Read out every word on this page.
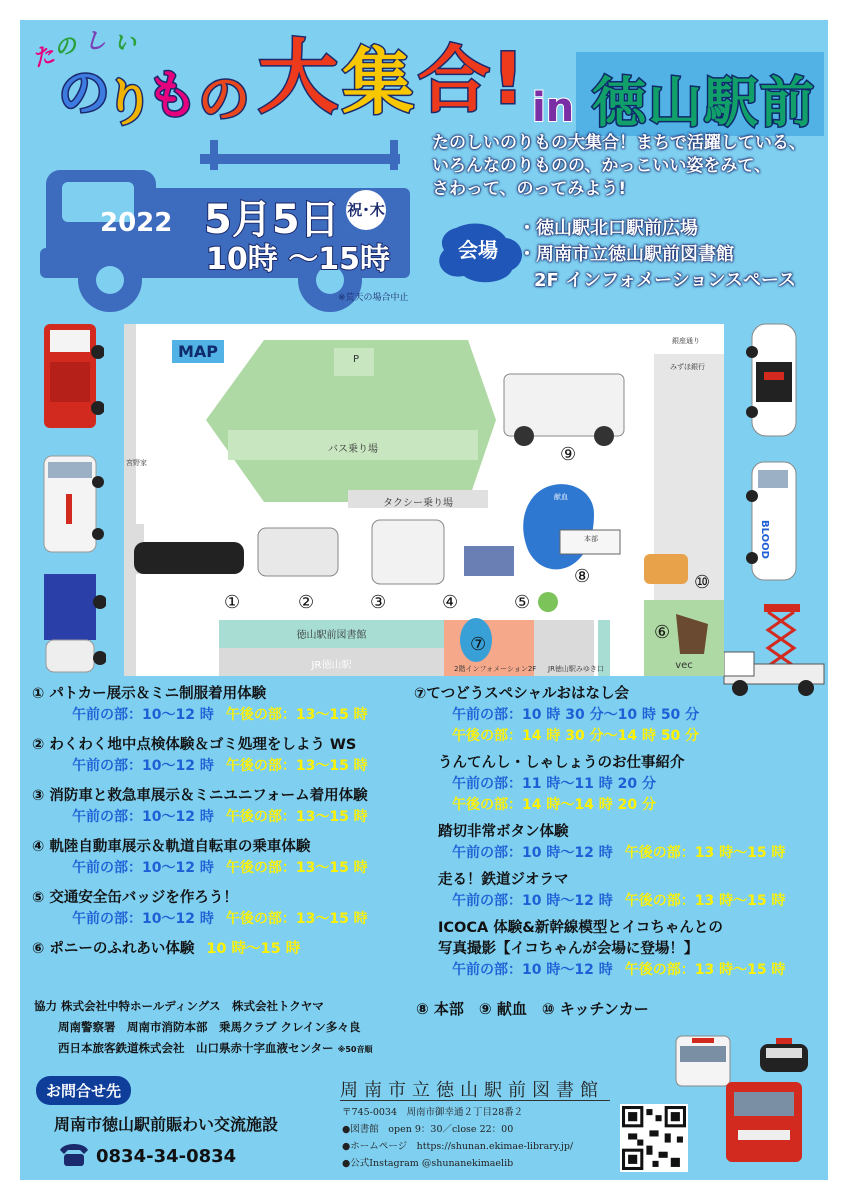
た
の し い
の
り
も の 大 集 合 ! in 徳山駅前
2022 5月5日 祝･木
10時 〜15時
※荒天の場合中止
たのしいのりもの大集合！まちで活躍している、
いろんなのりものの、かっこいい姿をみて、
さわって、のってみよう!
会場
・徳山駅北口駅前広場
・周南市立徳山駅前図書館
2F インフォメーションスペース
BLOOD
MAP	P
バス乗り場
タクシー乗り場
徳山駅前図書館
JR徳山駅
銀座通り
みずほ銀行
宮野家
2階インフォメーション2F JR徳山駅みゆき口
本部
献血
vec
①	②	③	④	⑤
⑥
⑦
⑧
⑨
⑩
① パトカー展示＆ミニ制服着用体験
午前の部：10〜12 時 午後の部：13〜15 時
② わくわく地中点検体験＆ゴミ処理をしよう WS
午前の部：10〜12 時 午後の部：13〜15 時
③ 消防車と救急車展示＆ミニユニフォーム着用体験
午前の部：10〜12 時 午後の部：13〜15 時
④ 軌陸自動車展示＆軌道自転車の乗車体験
午前の部：10〜12 時 午後の部：13〜15 時
⑤ 交通安全缶バッジを作ろう！
午前の部：10〜12 時 午後の部：13〜15 時
⑥ ポニーのふれあい体験 10 時〜15 時
⑦てつどうスペシャルおはなし会
午前の部：10 時 30 分〜10 時 50 分
午後の部：14 時 30 分〜14 時 50 分
うんてんし・しゃしょうのお仕事紹介
午前の部：11 時〜11 時 20 分
午後の部：14 時〜14 時 20 分
踏切非常ボタン体験
午前の部：10 時〜12 時 午後の部：13 時〜15 時
走る！鉄道ジオラマ
午前の部：10 時〜12 時 午後の部：13 時〜15 時
ICOCA 体験&新幹線模型とイコちゃんとの
写真撮影【イコちゃんが会場に登場！】
午前の部：10 時〜12 時 午後の部：13 時〜15 時
⑧ 本部　⑨ 献血　⑩ キッチンカー
協力 株式会社中特ホールディングス　株式会社トクヤマ
周南警察署　周南市消防本部　乗馬クラブ クレイン多々良
西日本旅客鉄道株式会社　山口県赤十字血液センター ※50音順
お問合せ先
周南市徳山駅前賑わい交流施設
0834-34-0834
周南市立徳山駅前図書館
〒745-0034　周南市御幸通２丁目28番２
●図書館　open 9：30／close 22：00
●ホームページ　https://shunan.ekimae-library.jp/
●公式Instagram @shunanekimaelib
